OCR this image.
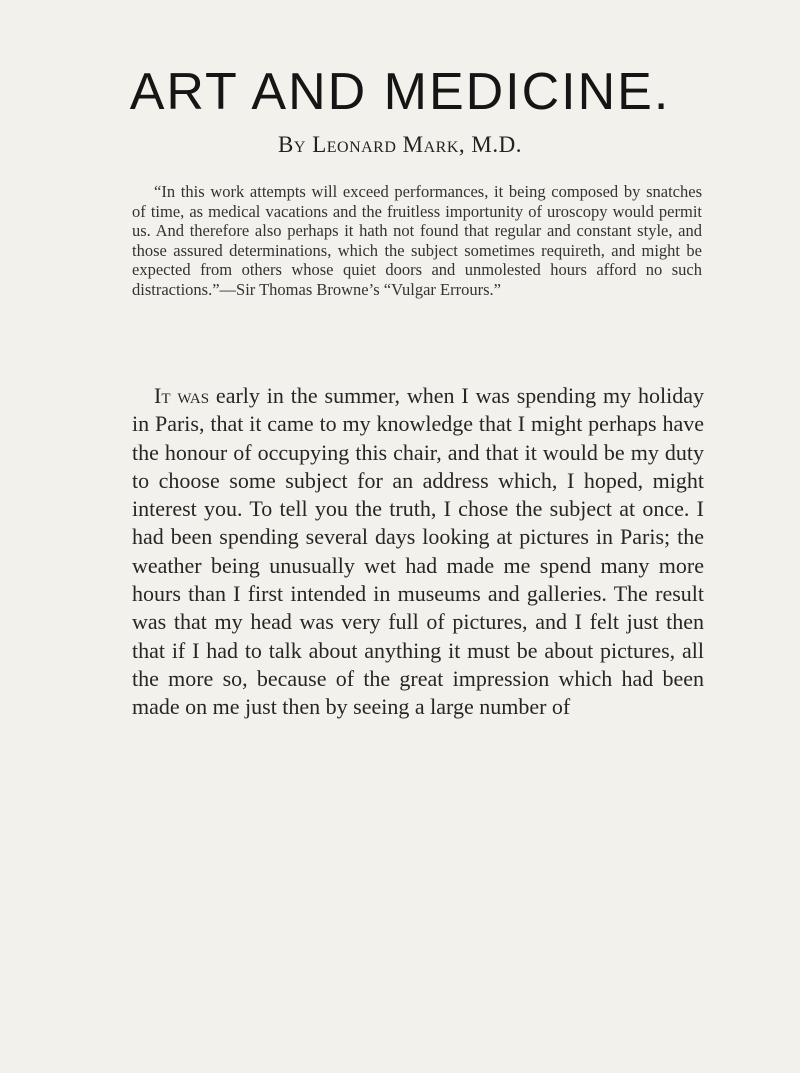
ART AND MEDICINE.
By Leonard Mark, M.D.

“In this work attempts will exceed performances, it being composed by snatches of time, as medical vacations and the fruitless importunity of uroscopy would permit us. And therefore also perhaps it hath not found that regular and constant style, and those assured determinations, which the subject sometimes requireth, and might be expected from others whose quiet doors and unmolested hours afford no such distractions.”—Sir Thomas Browne’s “Vulgar Errours.”

It was early in the summer, when I was spending my holiday in Paris, that it came to my knowledge that I might perhaps have the honour of occupying this chair, and that it would be my duty to choose some subject for an address which, I hoped, might interest you. To tell you the truth, I chose the subject at once. I had been spending several days looking at pictures in Paris; the weather being unusually wet had made me spend many more hours than I first intended in museums and galleries. The result was that my head was very full of pictures, and I felt just then that if I had to talk about anything it must be about pictures, all the more so, because of the great impression which had been made on me just then by seeing a large number of
